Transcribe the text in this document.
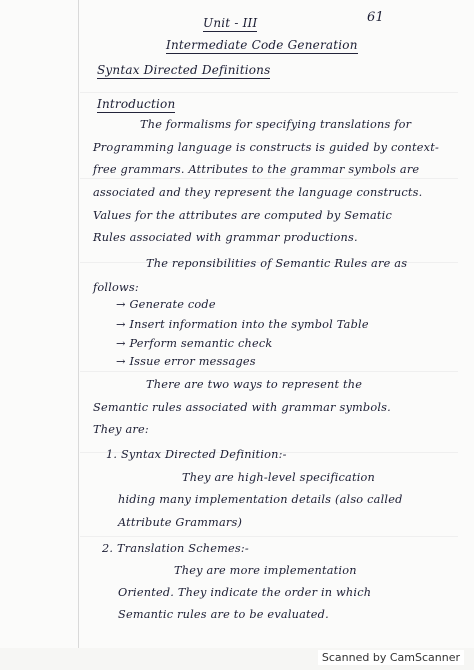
61
Unit - III
Intermediate Code Generation
Syntax Directed Definitions
Introduction
The formalisms for specifying translations for
Programming language is constructs is guided by context-
free grammars. Attributes to the grammar symbols are
associated and they represent the language constructs.
Values for the attributes are computed by Sematic
Rules associated with grammar productions.
The reponsibilities of Semantic Rules are as
follows:
→ Generate code
→ Insert information into the symbol Table
→ Perform semantic check
→ Issue error messages
There are two ways to represent the
Semantic rules associated with grammar symbols.
They are:
1. Syntax Directed Definition:-
They are high-level specification
hiding many implementation details (also called
Attribute Grammars)
2. Translation Schemes:-
They are more implementation
Oriented. They indicate the order in which
Semantic rules are to be evaluated.
Scanned by CamScanner
